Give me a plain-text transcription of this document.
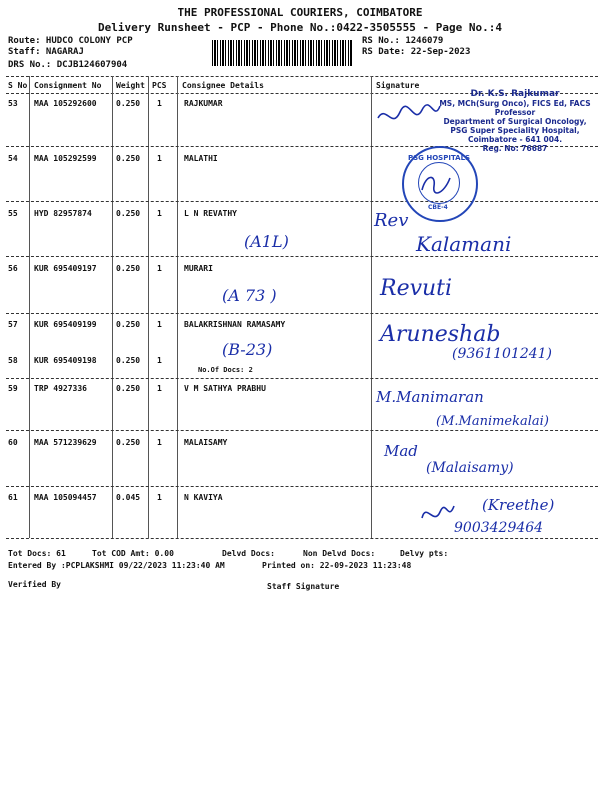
THE PROFESSIONAL COURIERS, COIMBATORE
Delivery Runsheet - PCP - Phone No.:0422-3505555 - Page No.:4
Route: HUDCO COLONY PCP
Staff: NAGARAJ
DRS No.: DCJB124607904
RS No.: 1246079
RS Date: 22-Sep-2023
S No Consignment No Weight PCS Consignee Details	Signature
53 MAA 105292600 0.250 1	RAJKUMAR
54 MAA 105292599 0.250 1	MALATHI
55 HYD 82957874	0.250 1	L N REVATHY
56 KUR 695409197 0.250 1	MURARI
57 KUR 695409199 0.250 1	BALAKRISHNAN RAMASAMY
58 KUR 695409198 0.250 1
No.Of Docs: 2
59 TRP 4927336	0.250 1	V M SATHYA PRABHU
60 MAA 571239629 0.250 1	MALAISAMY
61 MAA 105094457 0.045 1	N KAVIYA
Dr. K.S. Rajkumar
MS, MCh(Surg Onco), FICS Ed, FACS
Professor
Department of Surgical Oncology,
PSG Super Speciality Hospital,
Coimbatore - 641 004.
Reg. No: 76687
PSG HOSPITALS
CBE-4
(A1L)
(A 73 )
(B-23)
Rev
Kalamani
Revuti
Aruneshab
(9361101241)
M.Manimaran
(M.Manimekalai)
Mad
(Malaisamy)
(Kreethe)
9003429464
Tot Docs: 61	Tot COD Amt: 0.00	Delvd Docs:	Non Delvd Docs:	Delvy pts:
Entered By :PCPLAKSHMI 09/22/2023 11:23:40 AM	Printed on: 22-09-2023 11:23:48
Verified By	Staff Signature
